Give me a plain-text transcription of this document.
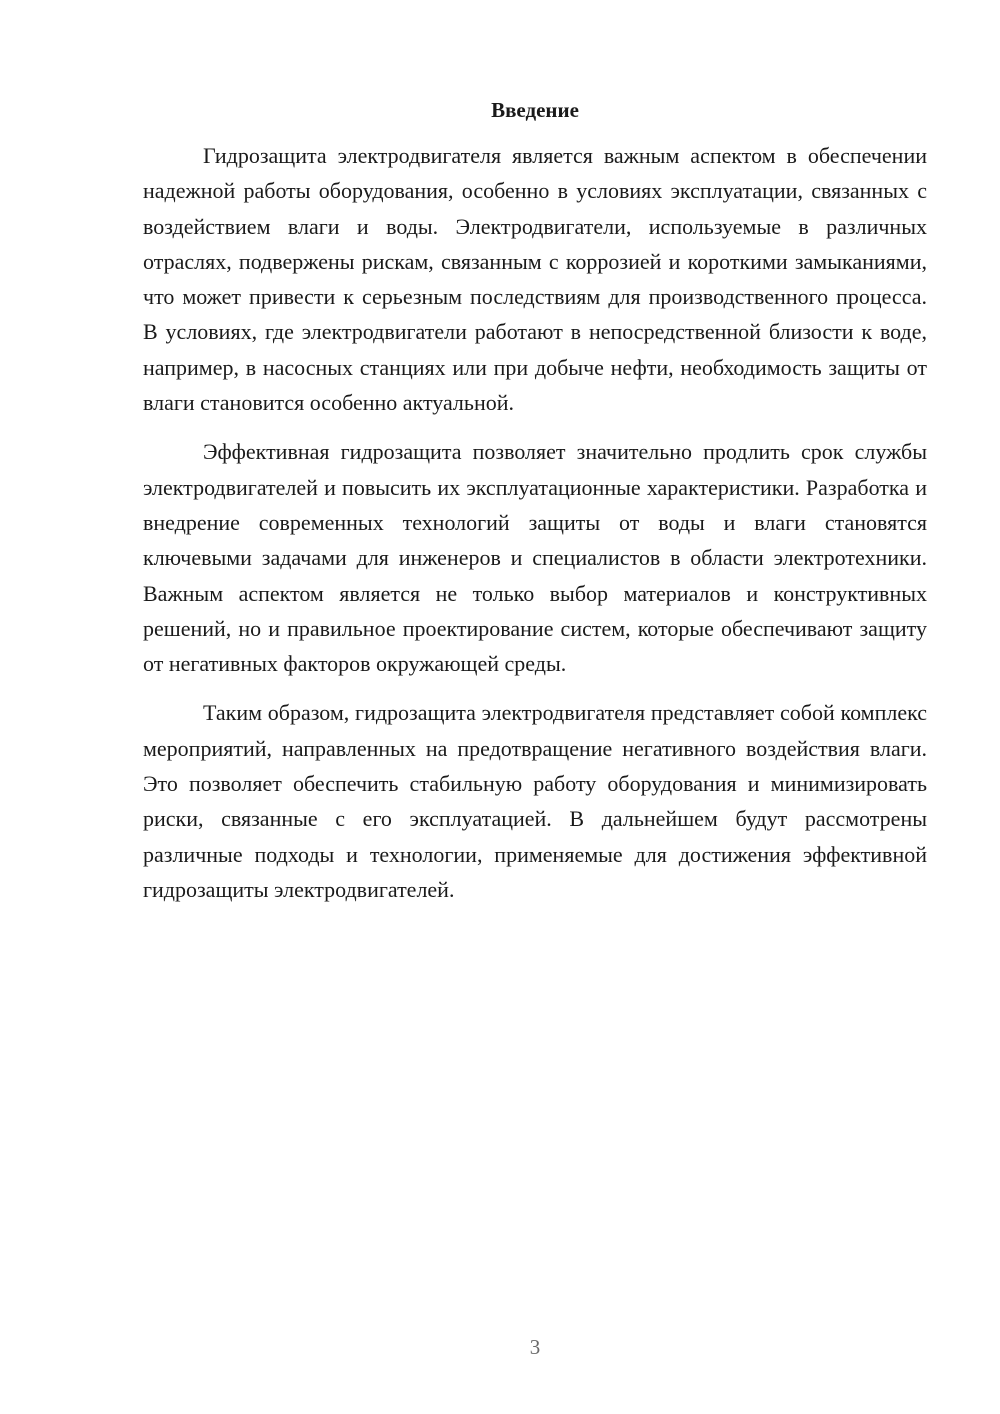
Введение

Гидрозащита электродвигателя является важным аспектом в обеспечении надежной работы оборудования, особенно в условиях эксплуатации, связанных с воздействием влаги и воды. Электродвигатели, используемые в различных отраслях, подвержены рискам, связанным с коррозией и короткими замыканиями, что может привести к серьезным последствиям для производственного процесса. В условиях, где электродвигатели работают в непосредственной близости к воде, например, в насосных станциях или при добыче нефти, необходимость защиты от влаги становится особенно актуальной.

Эффективная гидрозащита позволяет значительно продлить срок службы электродвигателей и повысить их эксплуатационные характеристики. Разработка и внедрение современных технологий защиты от воды и влаги становятся ключевыми задачами для инженеров и специалистов в области электротехники. Важным аспектом является не только выбор материалов и конструктивных решений, но и правильное проектирование систем, которые обеспечивают защиту от негативных факторов окружающей среды.

Таким образом, гидрозащита электродвигателя представляет собой комплекс мероприятий, направленных на предотвращение негативного воздействия влаги. Это позволяет обеспечить стабильную работу оборудования и минимизировать риски, связанные с его эксплуатацией. В дальнейшем будут рассмотрены различные подходы и технологии, применяемые для достижения эффективной гидрозащиты электродвигателей.

3
